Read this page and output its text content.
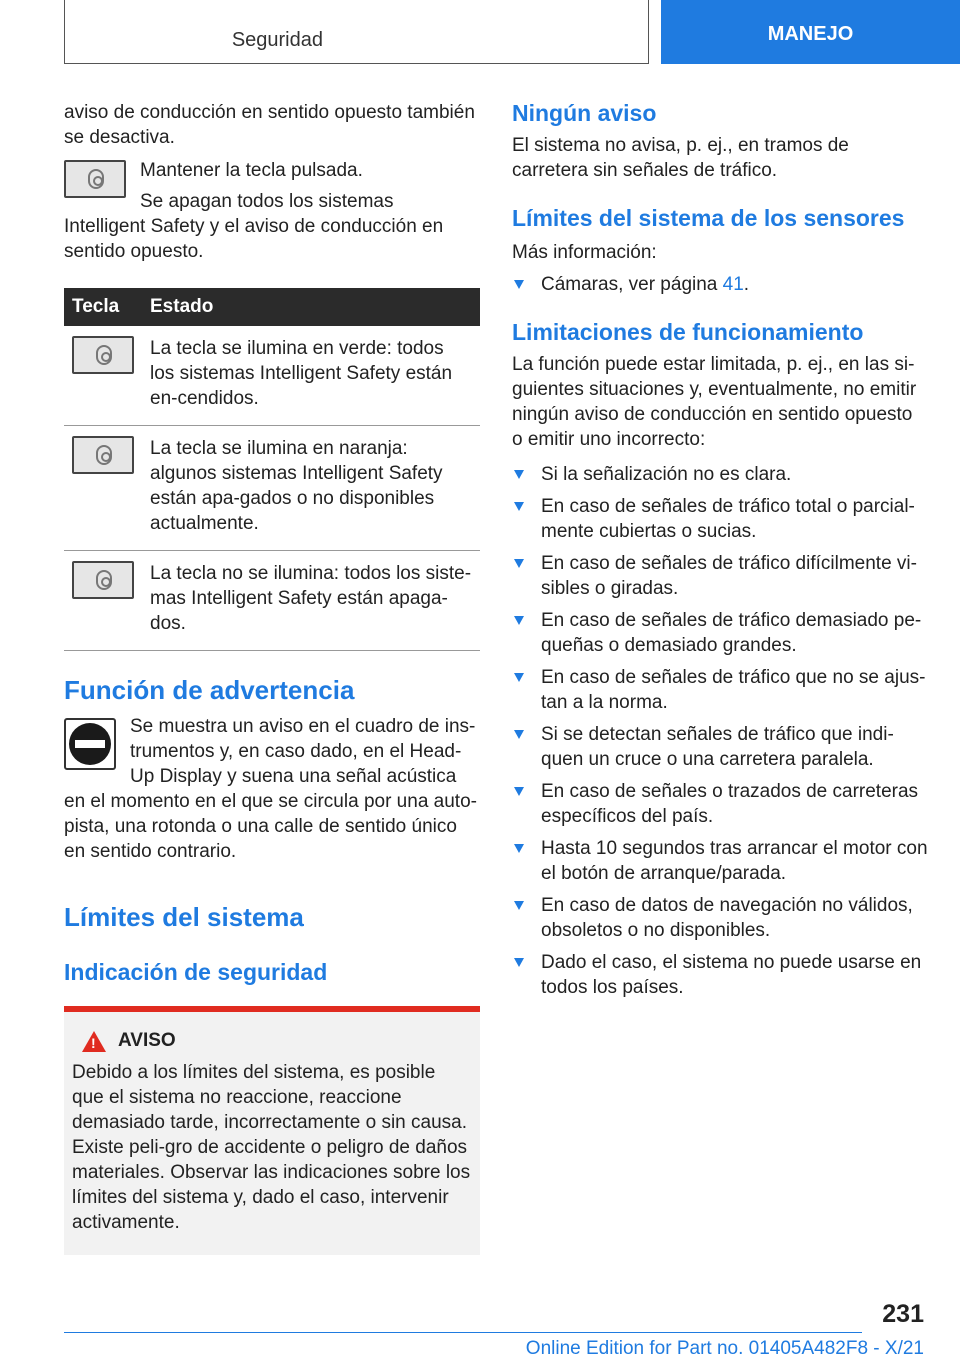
Seguridad	MANEJO

aviso de conducción en sentido opuesto también se desactiva.

Mantener la tecla pulsada.

Se apagan todos los sistemas Intelligent Safety y el aviso de conducción en sentido opuesto.

Tecla	Estado

	La tecla se ilumina en verde: todos los sistemas Intelligent Safety están en-cendidos.

	La tecla se ilumina en naranja: algunos sistemas Intelligent Safety están apa-gados o no disponibles actualmente.

	La tecla no se ilumina: todos los siste-mas Intelligent Safety están apaga-dos.
Función de advertencia

Se muestra un aviso en el cuadro de ins-trumentos y, en caso dado, en el Head-Up Display y suena una señal acústica en el momento en el que se circula por una auto-pista, una rotonda o una calle de sentido único en sentido contrario.

Límites del sistema
Indicación de seguridad
!
AVISO

Debido a los límites del sistema, es posible que el sistema no reaccione, reaccione demasiado tarde, incorrectamente o sin causa. Existe peli-gro de accidente o peligro de daños materiales. Observar las indicaciones sobre los límites del sistema y, dado el caso, intervenir activamente.

Ningún aviso

El sistema no avisa, p. ej., en tramos de carretera sin señales de tráfico.

Límites del sistema de los sensores

Más información:

Cámaras, ver página 41.
Limitaciones de funcionamiento

La función puede estar limitada, p. ej., en las si-guientes situaciones y, eventualmente, no emitir ningún aviso de conducción en sentido opuesto o emitir uno incorrecto:

Si la señalización no es clara.
En caso de señales de tráfico total o parcial-mente cubiertas o sucias.
En caso de señales de tráfico difícilmente vi-sibles o giradas.
En caso de señales de tráfico demasiado pe-queñas o demasiado grandes.
En caso de señales de tráfico que no se ajus-tan a la norma.
Si se detectan señales de tráfico que indi-quen un cruce o una carretera paralela.
En caso de señales o trazados de carreteras específicos del país.
Hasta 10 segundos tras arrancar el motor con el botón de arranque/parada.
En caso de datos de navegación no válidos, obsoletos o no disponibles.
Dado el caso, el sistema no puede usarse en todos los países.
231
Online Edition for Part no. 01405A482F8 - X/21
